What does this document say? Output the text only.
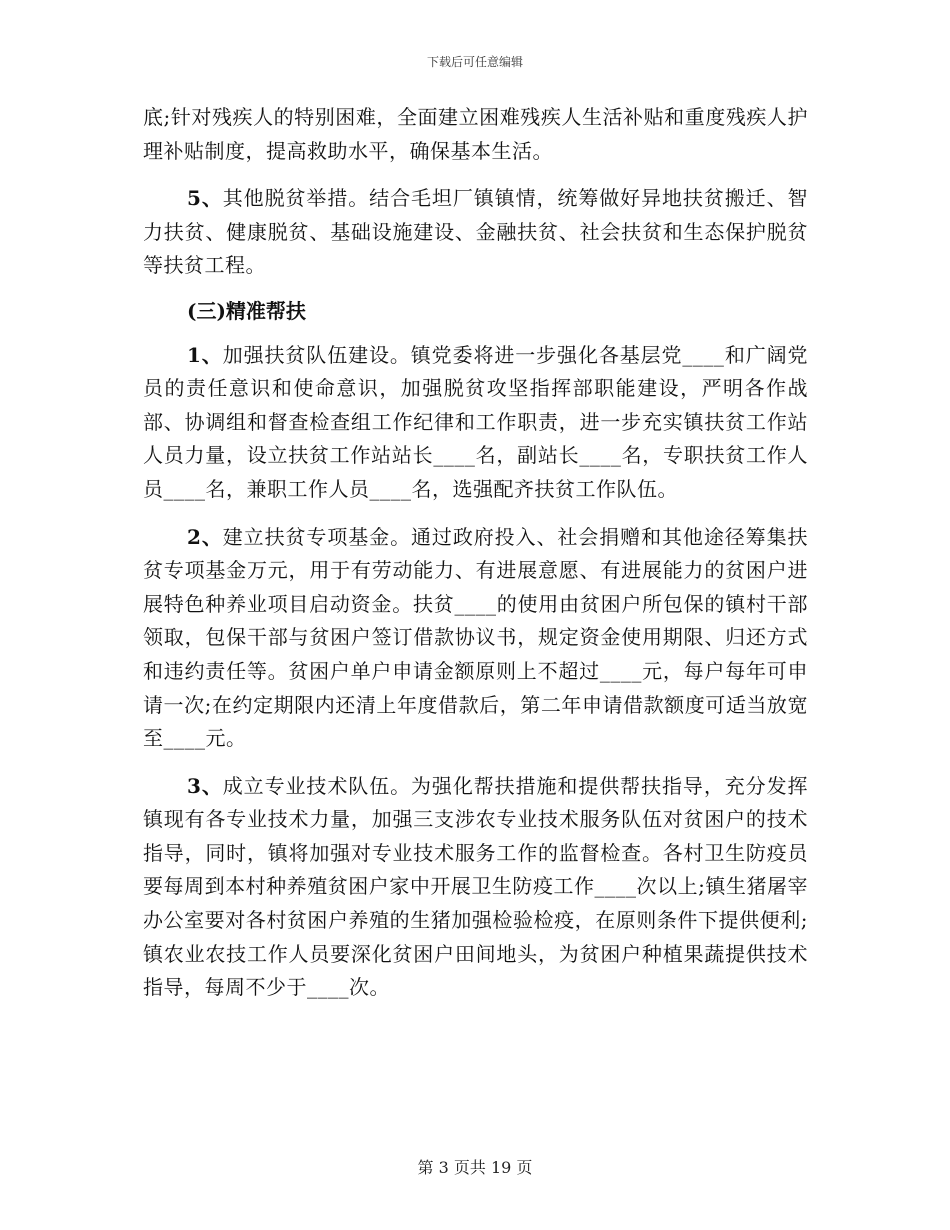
下载后可任意编辑

底;针对残疾人的特别困难，全面建立困难残疾人生活补贴和重度残疾人护理补贴制度，提高救助水平，确保基本生活。

5、其他脱贫举措。结合毛坦厂镇镇情，统筹做好异地扶贫搬迁、智力扶贫、健康脱贫、基础设施建设、金融扶贫、社会扶贫和生态保护脱贫等扶贫工程。

(三)精准帮扶

1、加强扶贫队伍建设。镇党委将进一步强化各基层党____和广阔党员的责任意识和使命意识，加强脱贫攻坚指挥部职能建设，严明各作战部、协调组和督查检查组工作纪律和工作职责，进一步充实镇扶贫工作站人员力量，设立扶贫工作站站长____名，副站长____名，专职扶贫工作人员____名，兼职工作人员____名，选强配齐扶贫工作队伍。

2、建立扶贫专项基金。通过政府投入、社会捐赠和其他途径筹集扶贫专项基金万元，用于有劳动能力、有进展意愿、有进展能力的贫困户进展特色种养业项目启动资金。扶贫____的使用由贫困户所包保的镇村干部领取，包保干部与贫困户签订借款协议书，规定资金使用期限、归还方式和违约责任等。贫困户单户申请金额原则上不超过____元，每户每年可申请一次;在约定期限内还清上年度借款后，第二年申请借款额度可适当放宽至____元。

3、成立专业技术队伍。为强化帮扶措施和提供帮扶指导，充分发挥镇现有各专业技术力量，加强三支涉农专业技术服务队伍对贫困户的技术指导，同时，镇将加强对专业技术服务工作的监督检查。各村卫生防疫员要每周到本村种养殖贫困户家中开展卫生防疫工作____次以上;镇生猪屠宰办公室要对各村贫困户养殖的生猪加强检验检疫，在原则条件下提供便利;镇农业农技工作人员要深化贫困户田间地头，为贫困户种植果蔬提供技术指导，每周不少于____次。

第 3 页共 19 页
